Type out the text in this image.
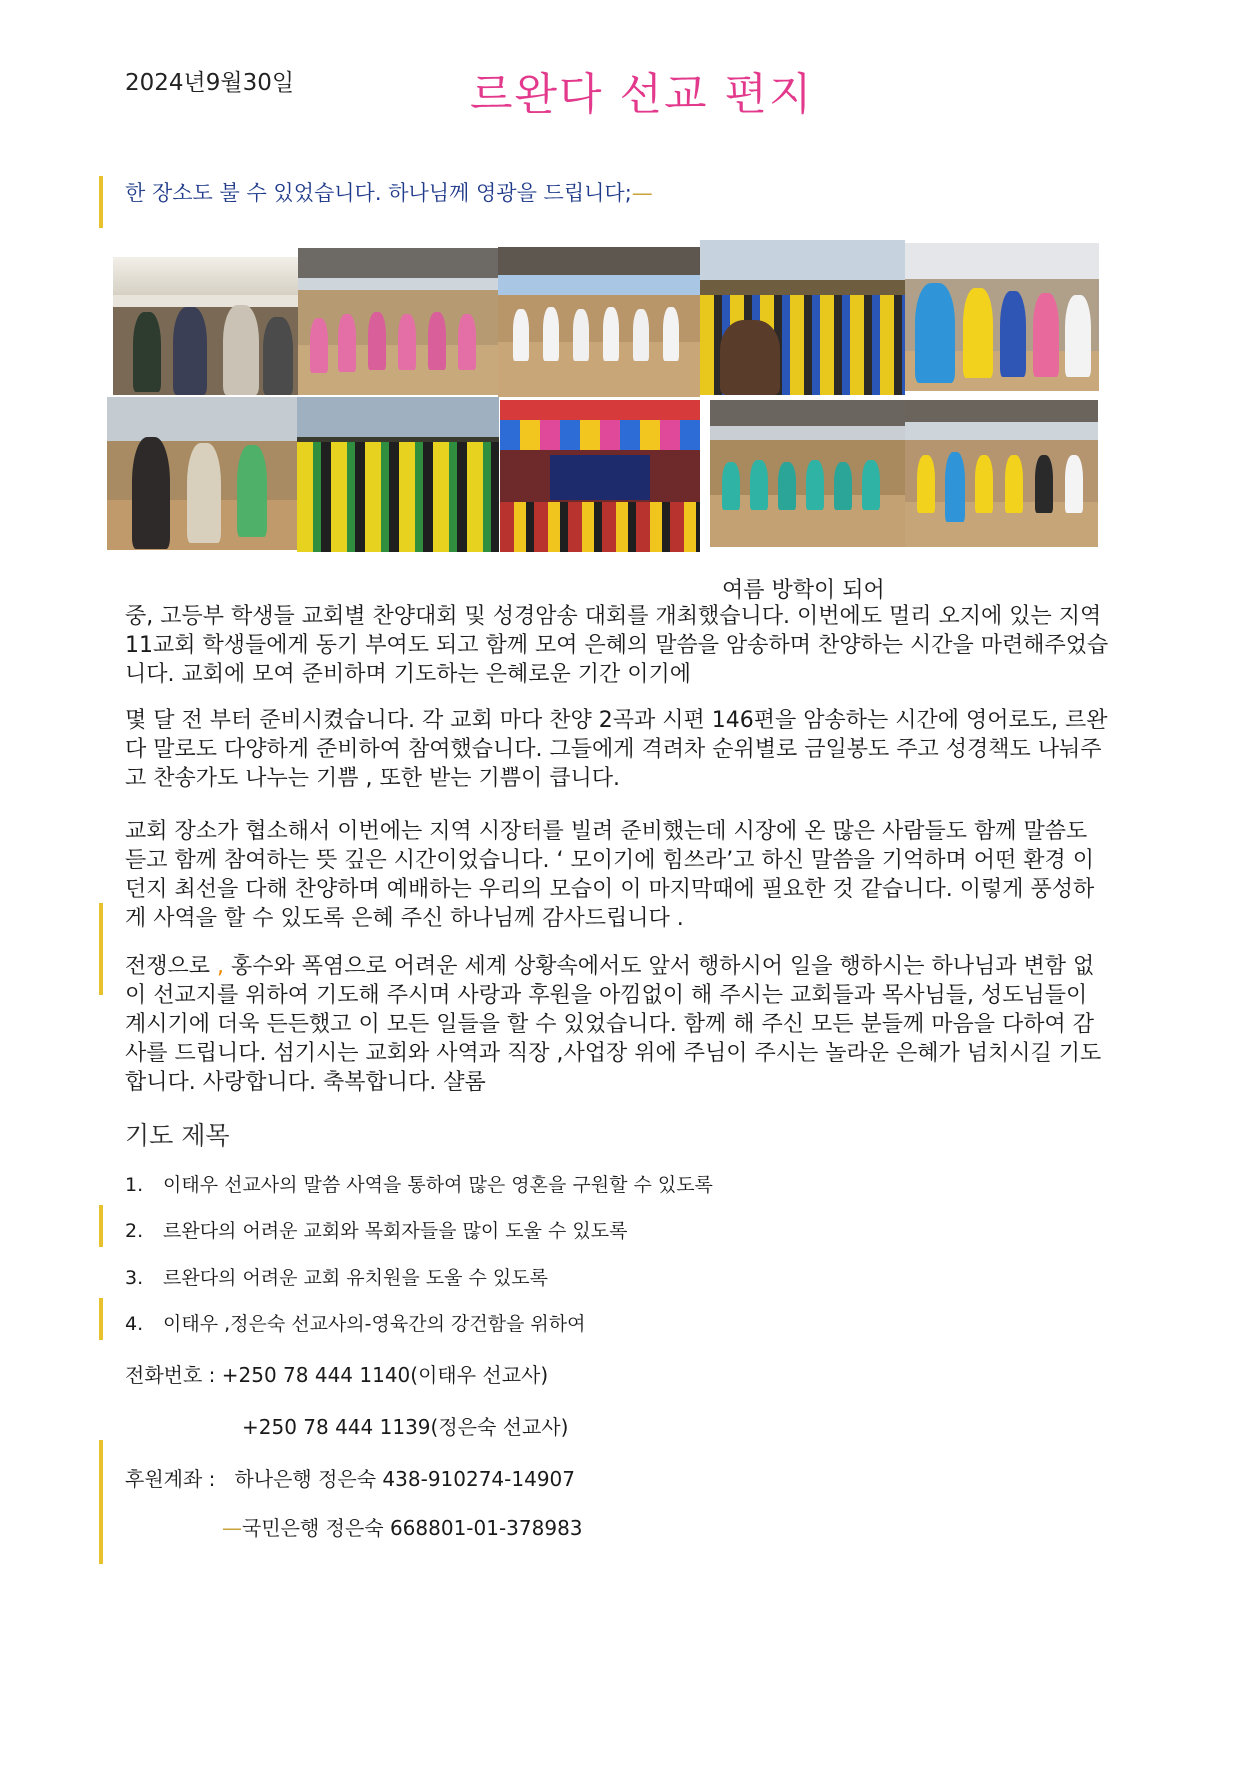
2024년9월30일	르완다 선교 편지
한 장소도 불 수 있었습니다. 하나님께 영광을 드립니다;—
여름 방학이 되어
중, 고등부 학생들 교회별 찬양대회 및 성경암송 대회를 개최했습니다. 이번에도 멀리 오지에 있는 지역 11교회 학생들에게 동기 부여도 되고 함께 모여 은혜의 말씀을 암송하며 찬양하는 시간을 마련해주었습니다. 교회에 모여 준비하며 기도하는 은혜로운 기간 이기에
몇 달 전 부터 준비시켰습니다. 각 교회 마다 찬양 2곡과 시편 146편을 암송하는 시간에 영어로도, 르완다 말로도 다양하게 준비하여 참여했습니다. 그들에게 격려차 순위별로 금일봉도 주고 성경책도 나눠주고 찬송가도 나누는 기쁨 , 또한 받는 기쁨이 큽니다.
교회 장소가 협소해서 이번에는 지역 시장터를 빌려 준비했는데 시장에 온 많은 사람들도 함께 말씀도 듣고 함께 참여하는 뜻 깊은 시간이었습니다. ‘ 모이기에 힘쓰라’고 하신 말씀을 기억하며 어떤 환경 이던지 최선을 다해 찬양하며 예배하는 우리의 모습이 이 마지막때에 필요한 것 같습니다. 이렇게 풍성하게 사역을 할 수 있도록 은혜 주신 하나님께 감사드립니다 .
전쟁으로 , 홍수와 폭염으로 어려운 세계 상황속에서도 앞서 행하시어 일을 행하시는 하나님과 변함 없이 선교지를 위하여 기도해 주시며 사랑과 후원을 아낌없이 해 주시는 교회들과 목사님들, 성도님들이 계시기에 더욱 든든했고 이 모든 일들을 할 수 있었습니다. 함께 해 주신 모든 분들께 마음을 다하여 감사를 드립니다. 섬기시는 교회와 사역과 직장 ,사업장 위에 주님이 주시는 놀라운 은혜가 넘치시길 기도합니다. 사랑합니다. 축복합니다. 샬롬
기도 제목
1. 이태우 선교사의 말씀 사역을 통하여 많은 영혼을 구원할 수 있도록
2. 르완다의 어려운 교회와 목회자들을 많이 도울 수 있도록
3. 르완다의 어려운 교회 유치원을 도울 수 있도록
4. 이태우 ,정은숙 선교사의-영육간의 강건함을 위하여
전화번호 : +250 78 444 1140(이태우 선교사)
+250 78 444 1139(정은숙 선교사)
후원계좌 : 하나은행 정은숙 438-910274-14907
—국민은행 정은숙 668801-01-378983
